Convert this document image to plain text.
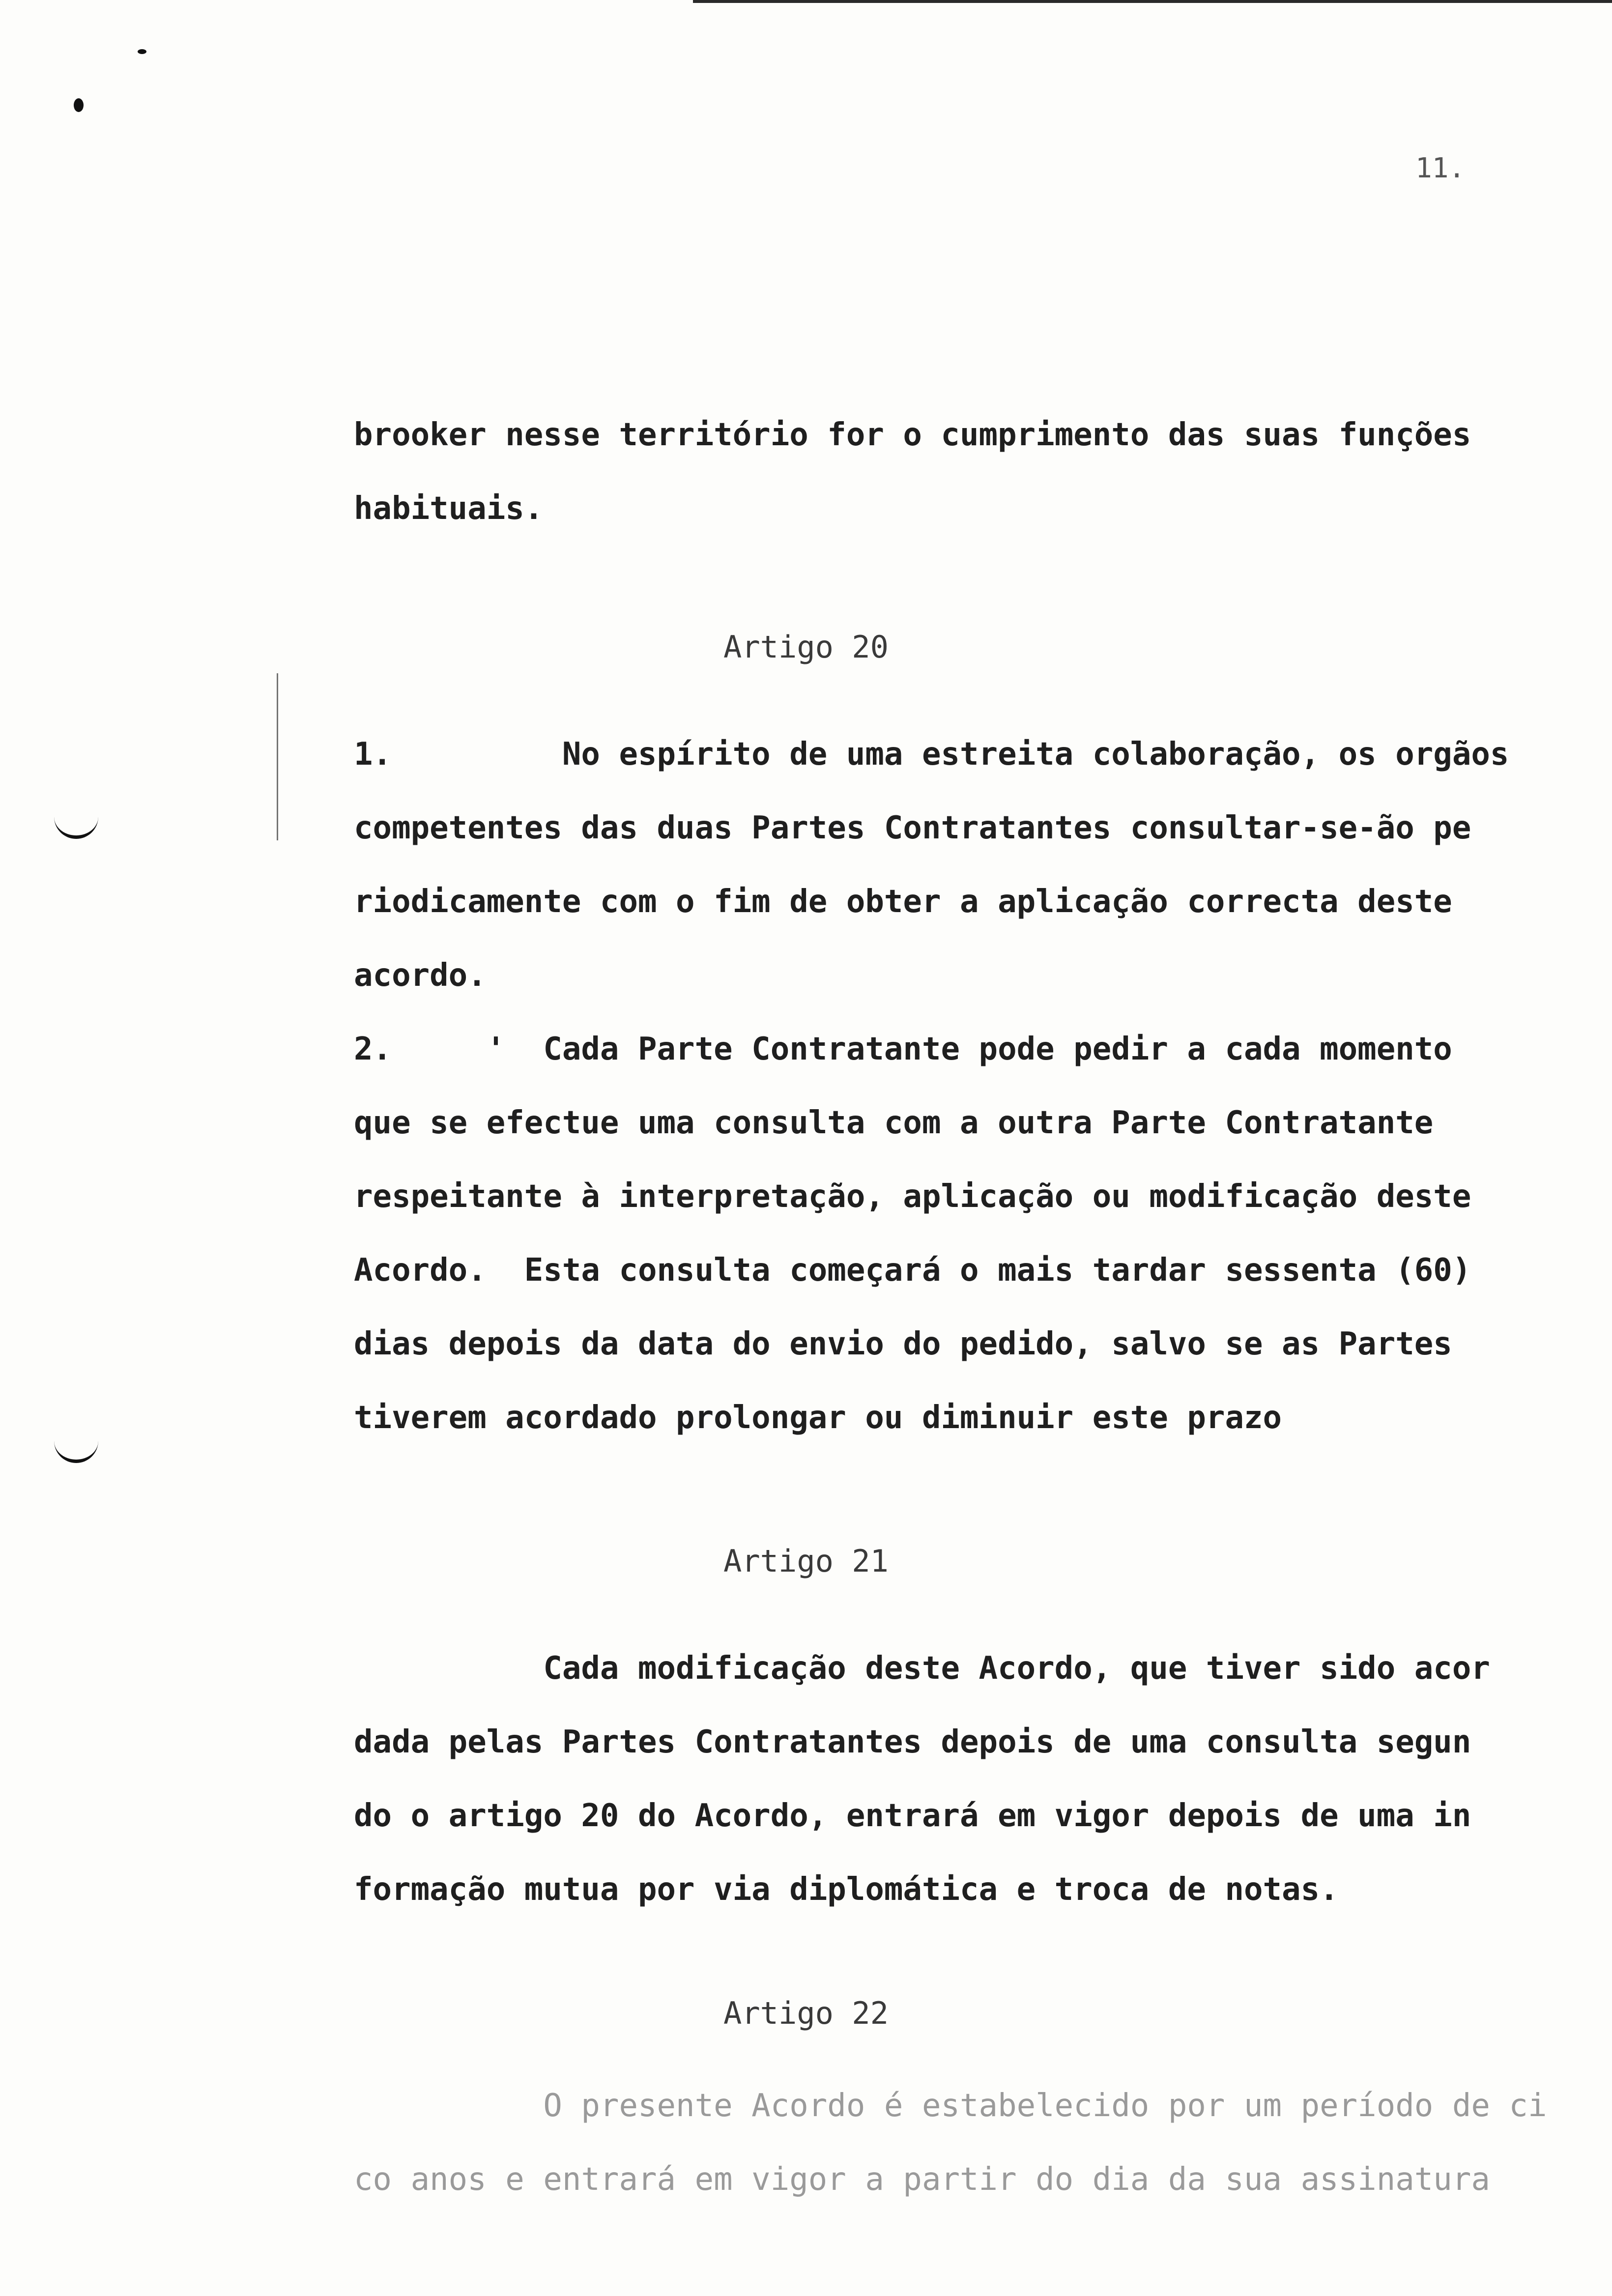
11.
brooker nesse território for o cumprimento das suas funções
habituais.
Artigo 20
1.         No espírito de uma estreita colaboração, os orgãos
competentes das duas Partes Contratantes consultar-se-ão pe
riodicamente com o fim de obter a aplicação correcta deste
acordo.
2.     '  Cada Parte Contratante pode pedir a cada momento
que se efectue uma consulta com a outra Parte Contratante
respeitante à interpretação, aplicação ou modificação deste
Acordo.  Esta consulta começará o mais tardar sessenta (60)
dias depois da data do envio do pedido, salvo se as Partes
tiverem acordado prolongar ou diminuir este prazo
Artigo 21
Cada modificação deste Acordo, que tiver sido acor
dada pelas Partes Contratantes depois de uma consulta segun
do o artigo 20 do Acordo, entrará em vigor depois de uma in
formação mutua por via diplomática e troca de notas.
Artigo 22
O presente Acordo é estabelecido por um período de ci
co anos e entrará em vigor a partir do dia da sua assinatura
